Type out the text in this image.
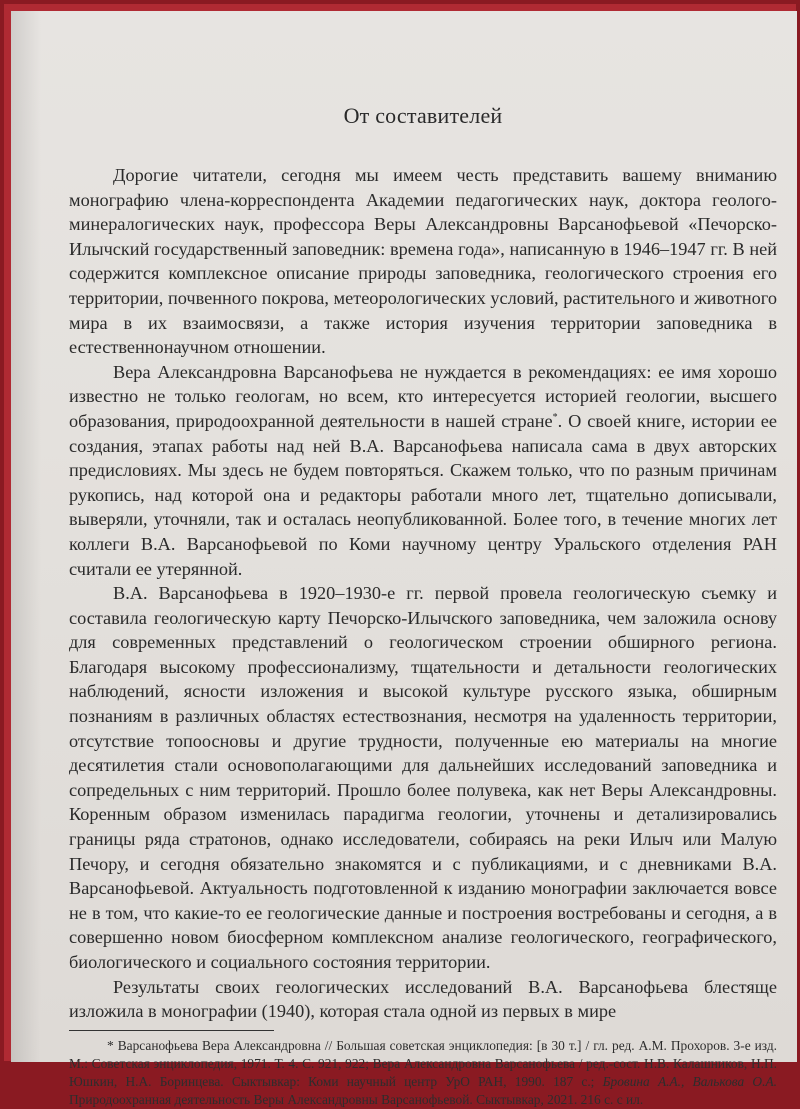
От составителей

Дорогие читатели, сегодня мы имеем честь представить вашему вниманию монографию члена-корреспондента Академии педагогических наук, доктора геолого-минералогических наук, профессора Веры Александровны Варсанофьевой «Печорско-Илычский государственный заповедник: времена года», написанную в 1946–1947 гг. В ней содержится комплексное описание природы заповедника, геологического строения его территории, почвенного покрова, метеорологических условий, растительного и животного мира в их взаимосвязи, а также история изучения территории заповедника в естественнонаучном отношении.

Вера Александровна Варсанофьева не нуждается в рекомендациях: ее имя хорошо известно не только геологам, но всем, кто интересуется историей геологии, высшего образования, природоохранной деятельности в нашей стране*. О своей книге, истории ее создания, этапах работы над ней В.А. Варсанофьева написала сама в двух авторских предисловиях. Мы здесь не будем повторяться. Скажем только, что по разным причинам рукопись, над которой она и редакторы работали много лет, тщательно дописывали, выверяли, уточняли, так и осталась неопубликованной. Более того, в течение многих лет коллеги В.А. Варсанофьевой по Коми научному центру Уральского отделения РАН считали ее утерянной.

В.А. Варсанофьева в 1920–1930-е гг. первой провела геологическую съемку и составила геологическую карту Печорско-Илычского заповедника, чем заложила основу для современных представлений о геологическом строении обширного региона. Благодаря высокому профессионализму, тщательности и детальности геологических наблюдений, ясности изложения и высокой культуре русского языка, обширным познаниям в различных областях естествознания, несмотря на удаленность территории, отсутствие топоосновы и другие трудности, полученные ею материалы на многие десятилетия стали основополагающими для дальнейших исследований заповедника и сопредельных с ним территорий. Прошло более полувека, как нет Веры Александровны. Коренным образом изменилась парадигма геологии, уточнены и детализировались границы ряда стратонов, однако исследователи, собираясь на реки Илыч или Малую Печору, и сегодня обязательно знакомятся и с публикациями, и с дневниками В.А. Варсанофьевой. Актуальность подготовленной к изданию монографии заключается вовсе не в том, что какие-то ее геологические данные и построения востребованы и сегодня, а в совершенно новом биосферном комплексном анализе геологического, географического, биологического и социального состояния территории.

Результаты своих геологических исследований В.А. Варсанофьева блестяще изложила в монографии (1940), которая стала одной из первых в мире

* Варсанофьева Вера Александровна // Большая советская энциклопедия: [в 30 т.] / гл. ред. А.М. Прохоров. 3-е изд. М.: Советская энциклопедия, 1971. Т. 4. С. 921, 922; Вера Александровна Варсанофьева / ред.-сост. Н.В. Калашников, Н.П. Юшкин, Н.А. Боринцева. Сыктывкар: Коми научный центр УрО РАН, 1990. 187 с.; Бровина А.А., Валькова О.А. Природоохранная деятельность Веры Александровны Варсанофьевой. Сыктывкар, 2021. 216 с. с ил.
